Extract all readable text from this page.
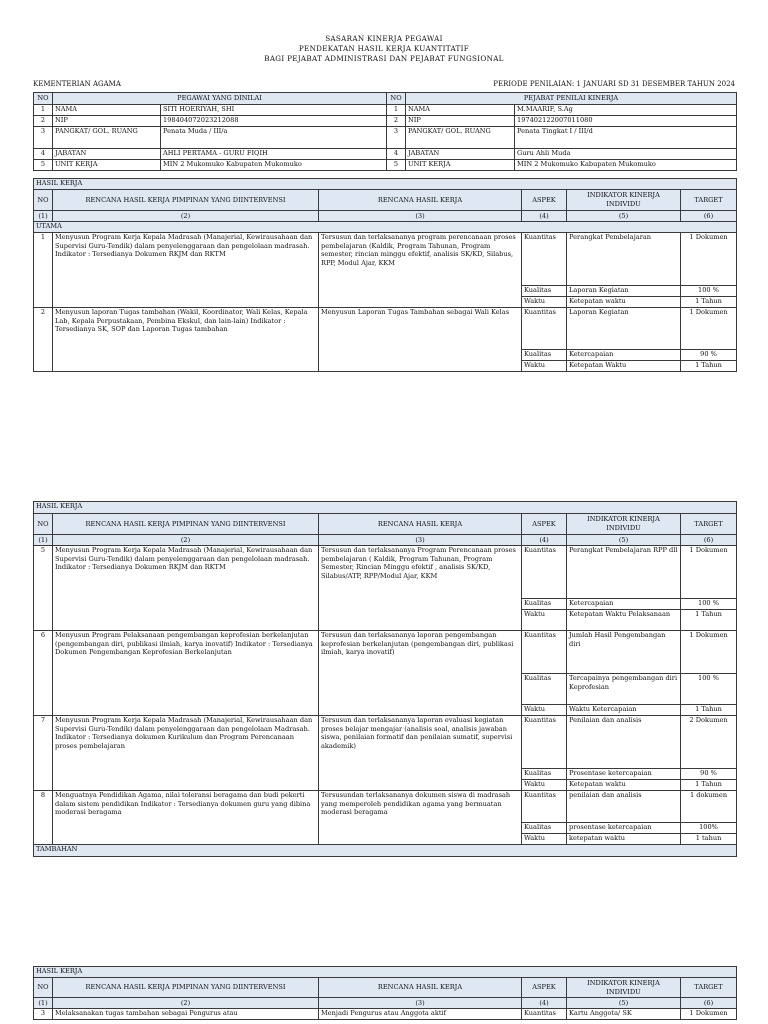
SASARAN KINERJA PEGAWAI
PENDEKATAN HASIL KERJA KUANTITATIF
BAGI PEJABAT ADMINISTRASI DAN PEJABAT FUNGSIONAL
KEMENTERIAN AGAMA	PERIODE PENILAIAN: 1 JANUARI SD 31 DESEMBER TAHUN 2024
NO	PEGAWAI YANG DINILAI		NO	PEJABAT PENILAI KINERJA	
1	NAMA	SITI HOERIYAH, SHI	1	NAMA	M.MAARIF, S.Ag
2	NIP	198404072023212088	2	NIP	197402122007011080
3	PANGKAT/ GOL. RUANG	Penata Muda / III/a	3	PANGKAT/ GOL. RUANG	Penata Tingkat I / III/d
4	JABATAN	AHLI PERTAMA - GURU FIQIH	4	JABATAN	Guru Ahli Muda
5	UNIT KERJA	MIN 2 Mukomuko Kabupaten Mukomuko	5	UNIT KERJA	MIN 2 Mukomuko Kabupaten Mukomuko
HASIL KERJA					
NO	RENCANA HASIL KERJA PIMPINAN YANG DIINTERVENSI	RENCANA HASIL KERJA	ASPEK	INDIKATOR KINERJA INDIVIDU	TARGET
(1)	(2)	(3)	(4)	(5)	(6)
UTAMA					
1	Menyusun Program Kerja Kepala Madrasah (Manajerial, Kewirausahaan dan Supervisi Guru-Tendik) dalam penyelenggaraan dan pengelolaan madrasah. Indikator : Tersedianya Dokumen RKJM dan RKTM	Tersusun dan terlaksananya program perencanaan proses pembelajaran (Kaldik, Program Tahunan, Program semester, rincian minggu efektif, analisis SK/KD, Silabus, RPP, Modul Ajar, KKM	Kuantitas	Perangkat Pembelajaran	1 Dokumen
			Kualitas	Laporan Kegiatan	100 %
			Waktu	Ketepatan waktu	1 Tahun
2	Menyusun laporan Tugas tambahan (Wakil, Koordinator, Wali Kelas, Kepala Lab, Kepala Perpustakaan, Pembina Ekskul, dan lain-lain) Indikator : Tersedianya SK, SOP dan Laporan Tugas tambahan	Menyusun Laporan Tugas Tambahan sebagai Wali Kelas	Kuantitas	Laporan Kegiatan	1 Dokumen
			Kualitas	Ketercapaian	90 %
			Waktu	Ketepatan Waktu	1 Tahun
HASIL KERJA					
NO	RENCANA HASIL KERJA PIMPINAN YANG DIINTERVENSI	RENCANA HASIL KERJA	ASPEK	INDIKATOR KINERJA INDIVIDU	TARGET
(1)	(2)	(3)	(4)	(5)	(6)
5	Menyusun Program Kerja Kepala Madrasah (Manajerial, Kewirausahaan dan Supervisi Guru-Tendik) dalam penyelenggaraan dan pengelolaan madrasah. Indikator : Tersedianya Dokumen RKJM dan RKTM	Tersusun dan terlaksananya Program Perencanaan proses pembelajaran ( Kaldik, Program Tahunan, Program Semester, Rincian Minggu efektif , analisis SK/KD, Silabus/ATP, RPP/Modul Ajar, KKM	Kuantitas	Perangkat Pembelajaran RPP dll	1 Dokumen
			Kualitas	Ketercapaian	100 %
			Waktu	Ketepatan Waktu Pelaksanaan	1 Tahun
6	Menyusun Program Pelaksanaan pengembangan keprofesian berkelanjutan (pengembangan diri, publikasi ilmiah, karya inovatif) Indikator : Tersedianya Dokumen Pengembangan Keprofesian Berkelanjutan	Tersusun dan terlaksananya laporan pengembangan keprofesian berkelanjutan (pengembangan diri, publikasi ilmiah, karya inovatif)	Kuantitas	Jumlah Hasil Pengembangan diri	1 Dokumen
			Kualitas	Tercapainya pengembangan diri Keprofesian	100 %
			Waktu	Waktu Ketercapaian	1 Tahun
7	Menyusun Program Kerja Kepala Madrasah (Manajerial, Kewirausahaan dan Supervisi Guru-Tendik) dalam penyelenggaraan dan pengelolaan Madrasah. Indikator : Tersedianya dokumen Kurikulum dan Program Perencanaan proses pembelajaran	Tersusun dan terlaksananya laporan evaluasi kegiatan proses belajar mengajar (analisis soal, analisis jawaban siswa, penilaian formatif dan penilaian sumatif, supervisi akademik)	Kuantitas	Penilaian dan analisis	2 Dokumen
			Kualitas	Prosentase ketercapaian	90 %
			Waktu	Ketepatan waktu	1 Tahun
8	Menguatnya Pendidikan Agama, nilai toleransi beragama dan budi pekerti dalam sistem pendidikan Indikator : Tersedianya dokumen guru yang dibina moderasi beragama	Tersusundan terlaksananya dokumen siswa di madrasah yang memperoleh pendidikan agama yang bermuatan moderasi beragama	Kuantitas	penilaian dan analisis	1 dokumen
			Kualitas	prosentase ketercapaian	100%
			Waktu	ketepatan waktu	1 tahun
TAMBAHAN					
HASIL KERJA					
NO	RENCANA HASIL KERJA PIMPINAN YANG DIINTERVENSI	RENCANA HASIL KERJA	ASPEK	INDIKATOR KINERJA INDIVIDU	TARGET
(1)	(2)	(3)	(4)	(5)	(6)
3	Melaksanakan tugas tambahan sebagai Pengurus atau	Menjadi Pengurus atau Anggota aktif	Kuantitas	Kartu Anggota/ SK	1 Dokumen
